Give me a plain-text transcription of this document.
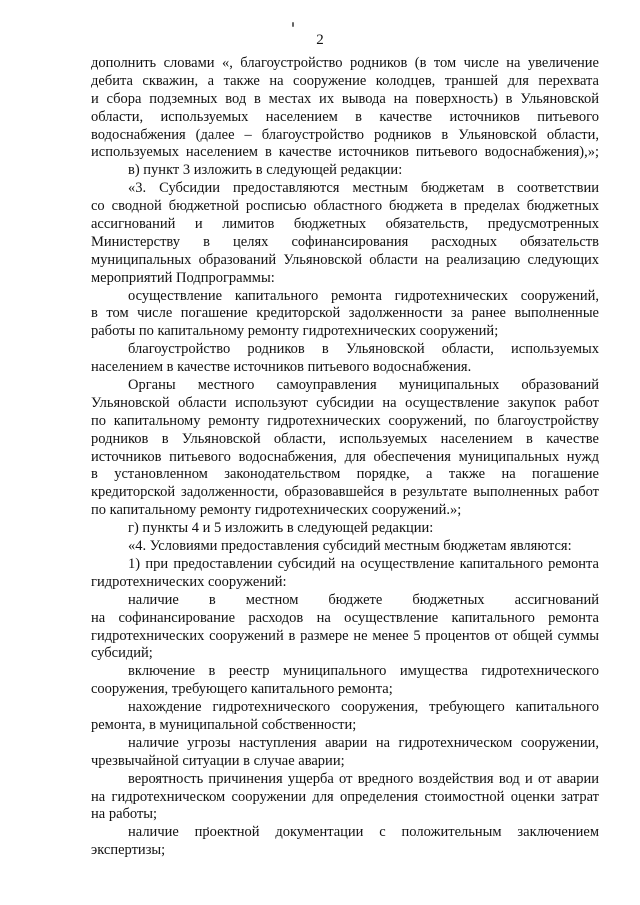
2
дополнить словами «, благоустройство родников (в том числе на увеличение
дебита скважин, а также на сооружение колодцев, траншей для перехвата
и сбора подземных вод в местах их вывода на поверхность) в Ульяновской
области, используемых населением в качестве источников питьевого
водоснабжения (далее – благоустройство родников в Ульяновской области,
используемых населением в качестве источников питьевого водоснабжения),»;
в) пункт 3 изложить в следующей редакции:
«3. Субсидии предоставляются местным бюджетам в соответствии
со сводной бюджетной росписью областного бюджета в пределах бюджетных
ассигнований и лимитов бюджетных обязательств, предусмотренных
Министерству в целях софинансирования расходных обязательств
муниципальных образований Ульяновской области на реализацию следующих
мероприятий Подпрограммы:
осуществление капитального ремонта гидротехнических сооружений,
в том числе погашение кредиторской задолженности за ранее выполненные
работы по капитальному ремонту гидротехнических сооружений;
благоустройство родников в Ульяновской области, используемых
населением в качестве источников питьевого водоснабжения.
Органы местного самоуправления муниципальных образований
Ульяновской области используют субсидии на осуществление закупок работ
по капитальному ремонту гидротехнических сооружений, по благоустройству
родников в Ульяновской области, используемых населением в качестве
источников питьевого водоснабжения, для обеспечения муниципальных нужд
в установленном законодательством порядке, а также на погашение
кредиторской задолженности, образовавшейся в результате выполненных работ
по капитальному ремонту гидротехнических сооружений.»;
г) пункты 4 и 5 изложить в следующей редакции:
«4. Условиями предоставления субсидий местным бюджетам являются:
1) при предоставлении субсидий на осуществление капитального ремонта
гидротехнических сооружений:
наличие в местном бюджете бюджетных ассигнований
на софинансирование расходов на осуществление капитального ремонта
гидротехнических сооружений в размере не менее 5 процентов от общей суммы
субсидий;
включение в реестр муниципального имущества гидротехнического
сооружения, требующего капитального ремонта;
нахождение гидротехнического сооружения, требующего капитального
ремонта, в муниципальной собственности;
наличие угрозы наступления аварии на гидротехническом сооружении,
чрезвычайной ситуации в случае аварии;
вероятность причинения ущерба от вредного воздействия вод и от аварии
на гидротехническом сооружении для определения стоимостной оценки затрат
на работы;
наличие проектной документации с положительным заключением
экспертизы;
